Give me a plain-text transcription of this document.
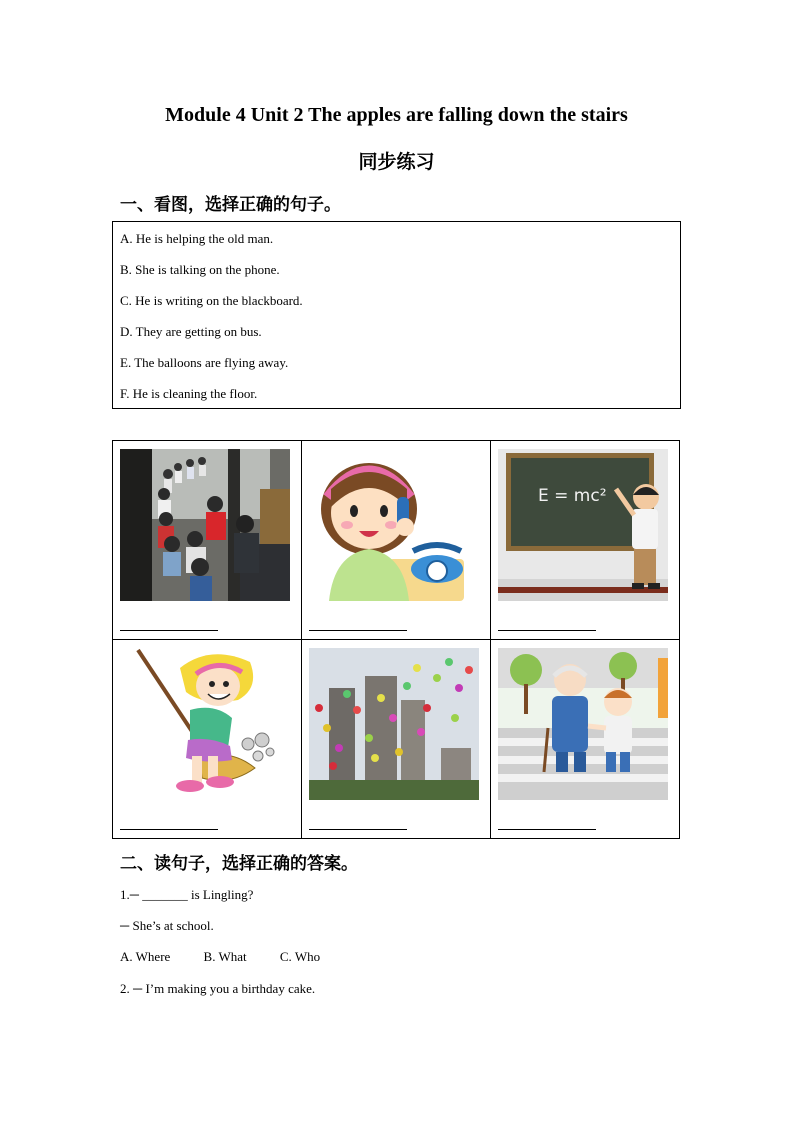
Module 4 Unit 2 The apples are falling down the stairs
同步练习
一、看图，选择正确的句子。
A. He is helping the old man.
B. She is talking on the phone.
C. He is writing on the blackboard.
D. They are getting on bus.
E. The balloons are flying away.
F. He is cleaning the floor.

E = mc²

二、读句子，选择正确的答案。
1.─ _______ is Lingling?
─ She’s at school.
A. Where	B. What	C. Who
2. ─ I’m making you a birthday cake.
